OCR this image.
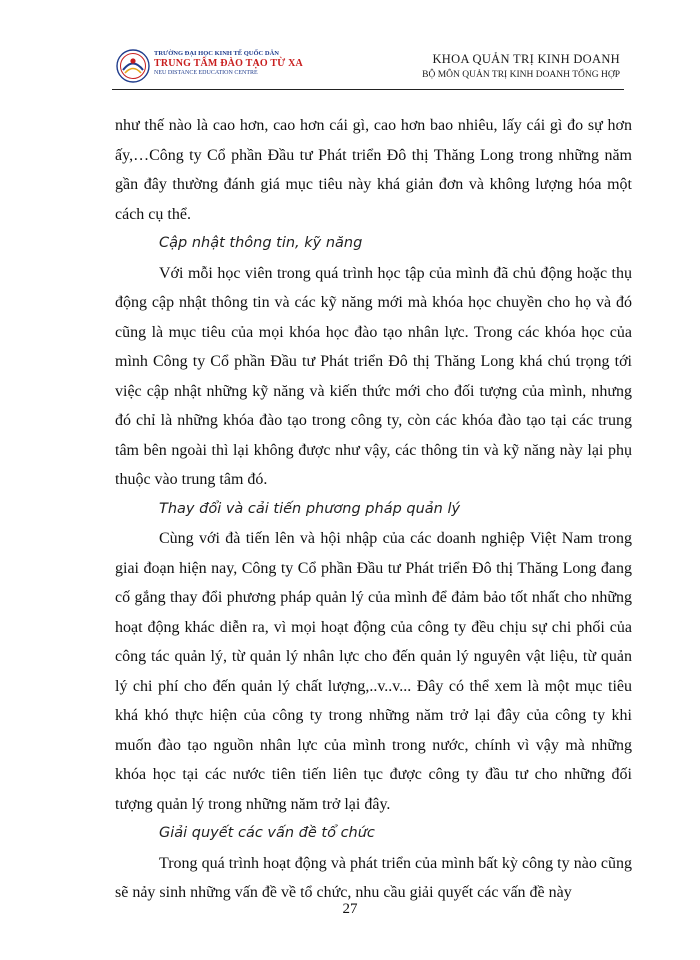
TRƯỜNG ĐẠI HỌC KINH TẾ QUỐC DÂN
TRUNG TÂM ĐÀO TẠO TỪ XA
NEU DISTANCE EDUCATION CENTRE
KHOA QUẢN TRỊ KINH DOANH
BỘ MÔN QUẢN TRỊ KINH DOANH TỔNG HỢP

như thế nào là cao hơn, cao hơn cái gì, cao hơn bao nhiêu, lấy cái gì đo sự hơn ấy,…Công ty Cổ phần Đầu tư Phát triển Đô thị Thăng Long trong những năm gần đây thường đánh giá mục tiêu này khá giản đơn và không lượng hóa một cách cụ thể.

Cập nhật thông tin, kỹ năng

Với mỗi học viên trong quá trình học tập của mình đã chủ động hoặc thụ động cập nhật thông tin và các kỹ năng mới mà khóa học chuyền cho họ và đó cũng là mục tiêu của mọi khóa học đào tạo nhân lực. Trong các khóa học của mình Công ty Cổ phần Đầu tư Phát triển Đô thị Thăng Long khá chú trọng tới việc cập nhật những kỹ năng và kiến thức mới cho đối tượng của mình, nhưng đó chỉ là những khóa đào tạo trong công ty, còn các khóa đào tạo tại các trung tâm bên ngoài thì lại không được như vậy, các thông tin và kỹ năng này lại phụ thuộc vào trung tâm đó.

Thay đổi và cải tiến phương pháp quản lý

Cùng với đà tiến lên và hội nhập của các doanh nghiệp Việt Nam trong giai đoạn hiện nay, Công ty Cổ phần Đầu tư Phát triển Đô thị Thăng Long đang cố gắng thay đổi phương pháp quản lý của mình để đảm bảo tốt nhất cho những hoạt động khác diễn ra, vì mọi hoạt động của công ty đều chịu sự chi phối của công tác quản lý, từ quản lý nhân lực cho đến quản lý nguyên vật liệu, từ quản lý chi phí cho đến quản lý chất lượng,..v..v... Đây có thể xem là một mục tiêu khá khó thực hiện của công ty trong những năm trở lại đây của công ty khi muốn đào tạo nguồn nhân lực của mình trong nước, chính vì vậy mà những khóa học tại các nước tiên tiến liên tục được công ty đầu tư cho những đối tượng quản lý trong những năm trở lại đây.

Giải quyết các vấn đề tổ chức

Trong quá trình hoạt động và phát triển của mình bất kỳ công ty nào cũng sẽ nảy sinh những vấn đề về tổ chức, nhu cầu giải quyết các vấn đề này

27
